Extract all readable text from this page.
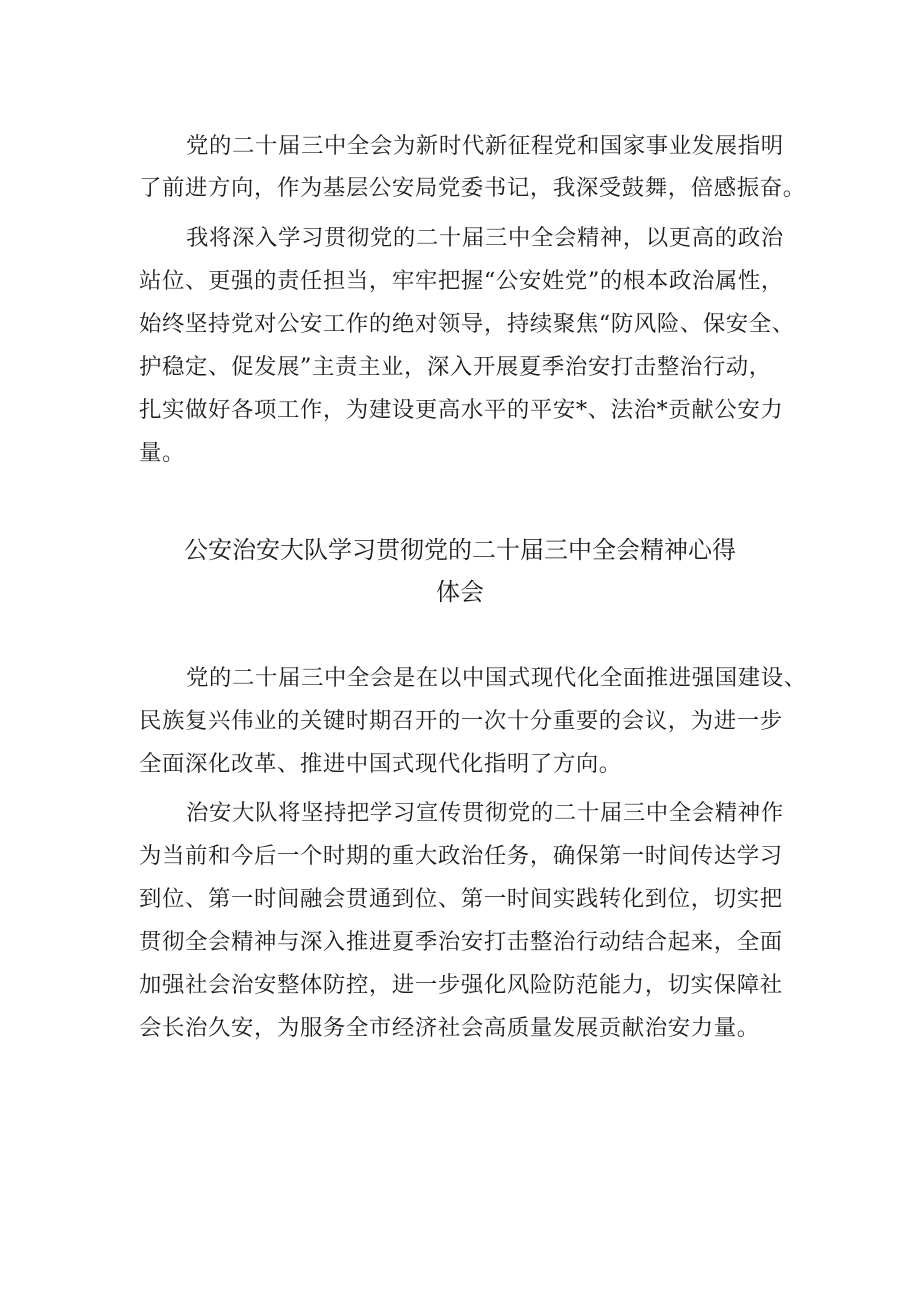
党的二十届三中全会为新时代新征程党和国家事业发展指明

了前进方向，作为基层公安局党委书记，我深受鼓舞，倍感振奋。

我将深入学习贯彻党的二十届三中全会精神，以更高的政治

站位、更强的责任担当，牢牢把握“公安姓党”的根本政治属性，

始终坚持党对公安工作的绝对领导，持续聚焦“防风险、保安全、

护稳定、促发展”主责主业，深入开展夏季治安打击整治行动，

扎实做好各项工作，为建设更高水平的平安*、法治*贡献公安力

量。

公安治安大队学习贯彻党的二十届三中全会精神心得

体会

党的二十届三中全会是在以中国式现代化全面推进强国建设、

民族复兴伟业的关键时期召开的一次十分重要的会议，为进一步

全面深化改革、推进中国式现代化指明了方向。

治安大队将坚持把学习宣传贯彻党的二十届三中全会精神作

为当前和今后一个时期的重大政治任务，确保第一时间传达学习

到位、第一时间融会贯通到位、第一时间实践转化到位，切实把

贯彻全会精神与深入推进夏季治安打击整治行动结合起来，全面

加强社会治安整体防控，进一步强化风险防范能力，切实保障社

会长治久安，为服务全市经济社会高质量发展贡献治安力量。
